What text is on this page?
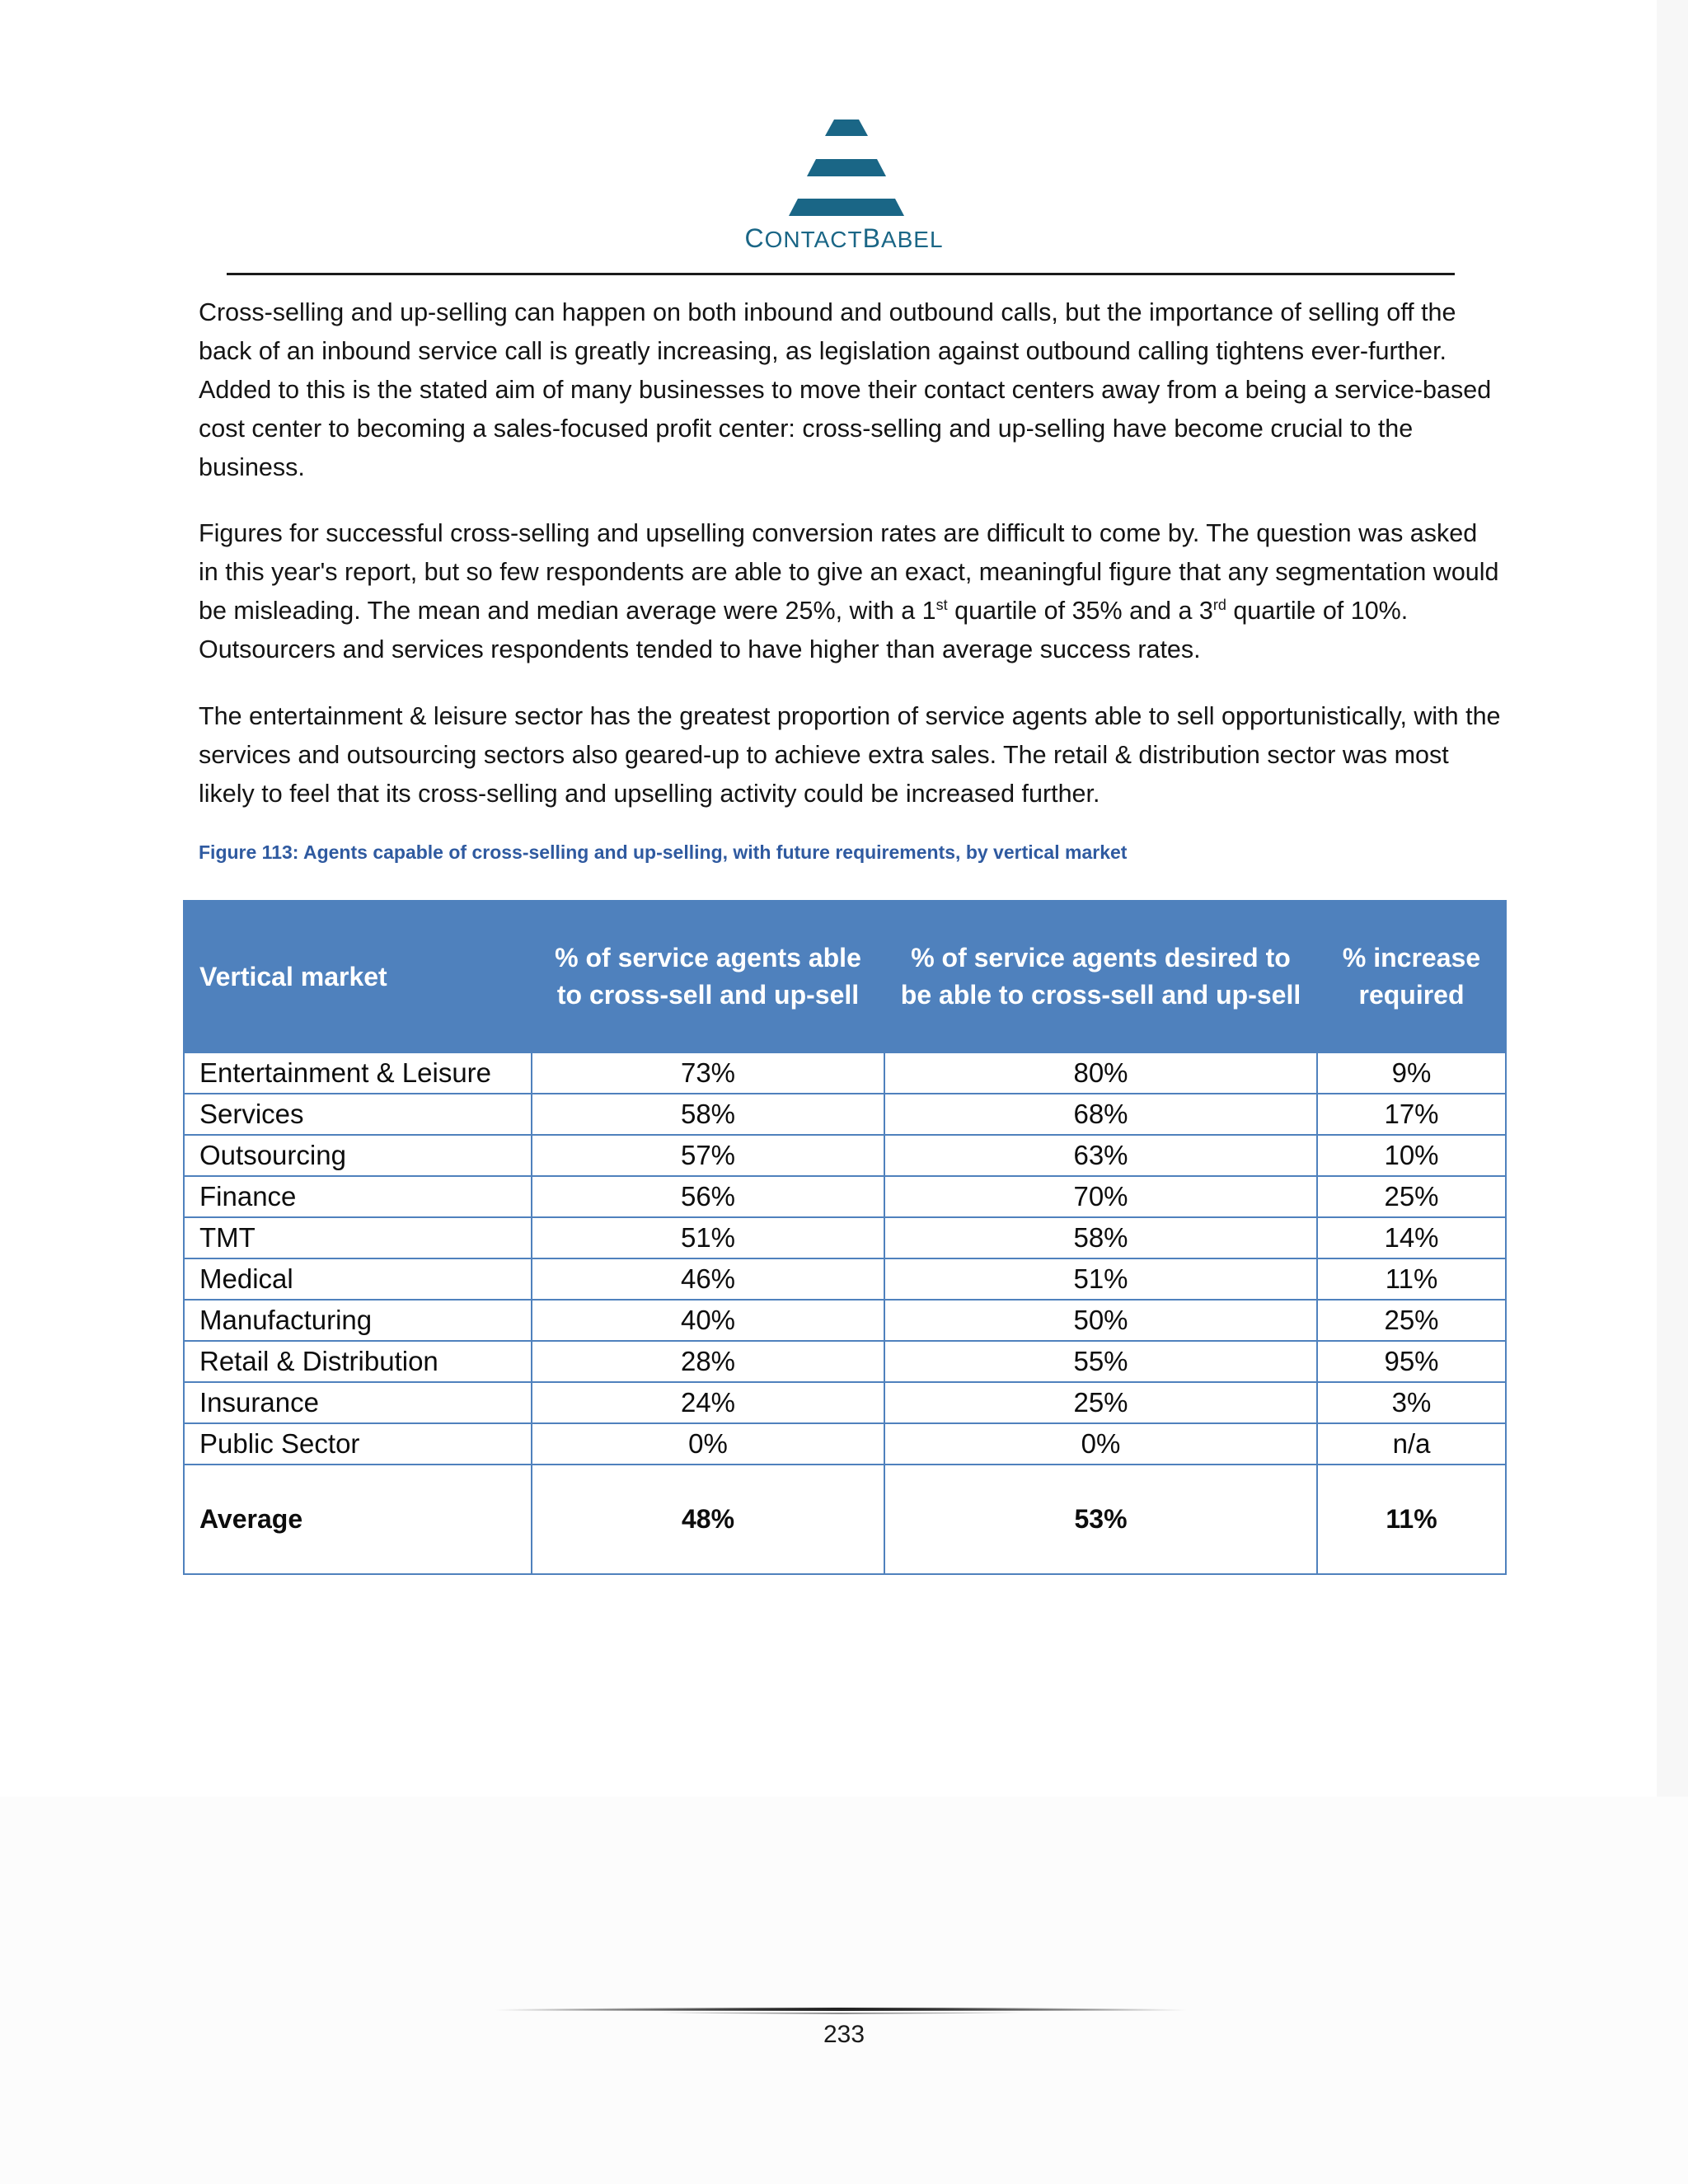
CONTACTBABEL

Cross-selling and up-selling can happen on both inbound and outbound calls, but the importance of selling off the back of an inbound service call is greatly increasing, as legislation against outbound calling tightens ever-further. Added to this is the stated aim of many businesses to move their contact centers away from a being a service-based cost center to becoming a sales-focused profit center: cross-selling and up-selling have become crucial to the business.

Figures for successful cross-selling and upselling conversion rates are difficult to come by. The question was asked in this year's report, but so few respondents are able to give an exact, meaningful figure that any segmentation would be misleading. The mean and median average were 25%, with a 1st quartile of 35% and a 3rd quartile of 10%. Outsourcers and services respondents tended to have higher than average success rates.

The entertainment & leisure sector has the greatest proportion of service agents able to sell opportunistically, with the services and outsourcing sectors also geared-up to achieve extra sales. The retail & distribution sector was most likely to feel that its cross-selling and upselling activity could be increased further.

Figure 113: Agents capable of cross-selling and up-selling, with future requirements, by vertical market

Vertical market	% of service agents able to cross-sell and up-sell	% of service agents desired to be able to cross-sell and up-sell	% increase required
Entertainment & Leisure	73%	80%	9%
Services	58%	68%	17%
Outsourcing	57%	63%	10%
Finance	56%	70%	25%
TMT	51%	58%	14%
Medical	46%	51%	11%
Manufacturing	40%	50%	25%
Retail & Distribution	28%	55%	95%
Insurance	24%	25%	3%
Public Sector	0%	0%	n/a
Average	48%	53%	11%
233
